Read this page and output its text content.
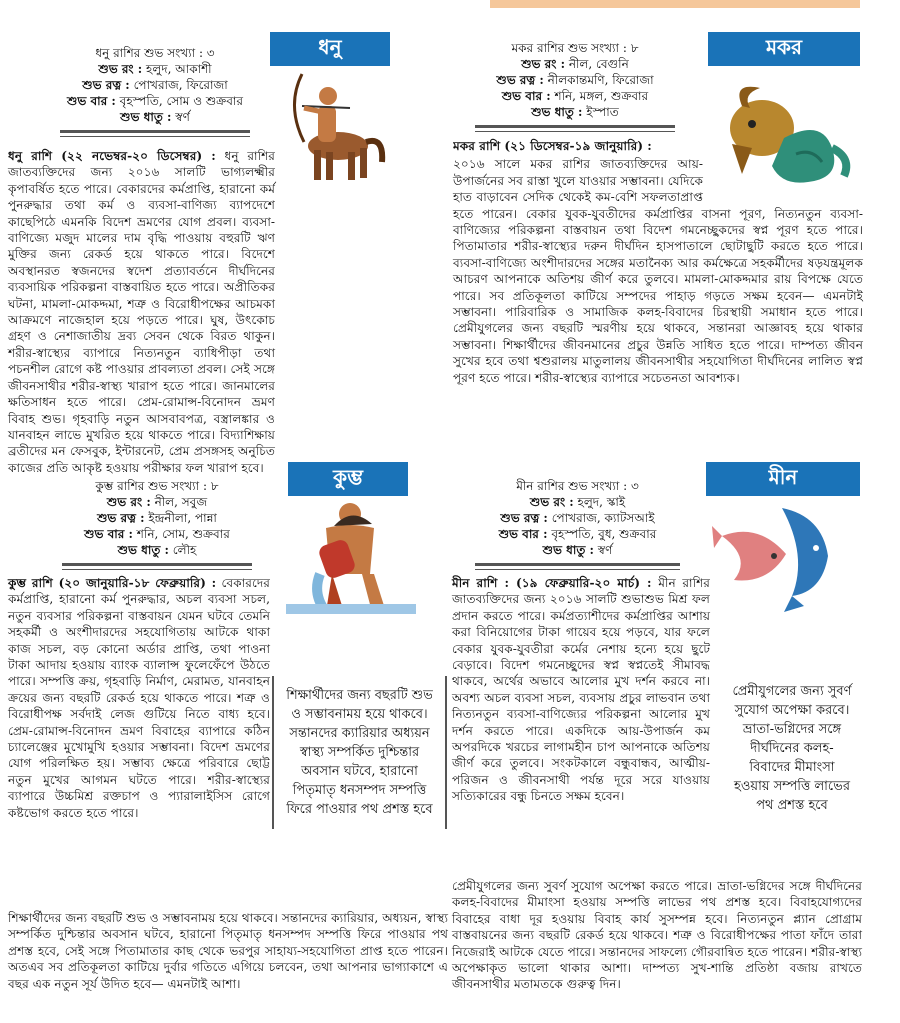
ধনু রাশির শুভ সংখ্যা : ৩
শুভ রং : হলুদ, আকাশী
শুভ রত্ন : পোখরাজ, ফিরোজা
শুভ বার : বৃহস্পতি, সোম ও শুক্রবার
শুভ ধাতু : স্বর্ণ
ধনু
ধনু রাশি (২২ নভেম্বর-২০ ডিসেম্বর) : ধনু রাশির জাতব্যক্তিদের জন্য ২০১৬ সালটি ভাগ্যলক্ষ্মীর কৃপাবর্ষিত হতে পারে। বেকারদের কর্মপ্রাপ্তি, হারানো কর্ম পুনরুদ্ধার তথা কর্ম ও ব্যবসা-বাণিজ্য ব্যাপদেশে কাছেপিঠে এমনকি বিদেশ ভ্রমণের যোগ প্রবল। ব্যবসা-বাণিজ্যে মজুদ মালের দাম বৃদ্ধি পাওয়ায় বহুরটি ঋণ মুক্তির জন্য রেকর্ড হয়ে থাকতে পারে। বিদেশে অবস্থানরত স্বজনদের স্বদেশ প্রত্যাবর্তনে দীর্ঘদিনের ব্যবসায়িক পরিকল্পনা বাস্তবায়িত হতে পারে। অপ্রীতিকর ঘটনা, মামলা-মোকদ্দমা, শত্রু ও বিরোধীপক্ষের আচমকা আক্রমণে নাজেহাল হয়ে পড়তে পারে। ঘুষ, উৎকোচ গ্রহণ ও নেশাজাতীয় দ্রব্য সেবন থেকে বিরত থাকুন। শরীর-স্বাস্থ্যের ব্যাপারে নিত্যনতুন ব্যাধিপীড়া তথা পচনশীল রোগে কষ্ট পাওয়ার প্রাবল্যতা প্রবল। সেই সঙ্গে জীবনসাথীর শরীর-স্বাস্থ্য খারাপ হতে পারে। জানমালের ক্ষতিসাধন হতে পারে। প্রেম-রোমান্স-বিনোদন ভ্রমণ বিবাহ শুভ। গৃহবাড়ি নতুন আসবাবপত্র, বস্ত্রালঙ্কার ও যানবাহন লাভে মুখরিত হয়ে থাকতে পারে। বিদ্যাশিক্ষায় ব্রতীদের মন ফেসবুক, ইন্টারনেট, প্রেম প্রসঙ্গসহ অনুচিত কাজের প্রতি আকৃষ্ট হওয়ায় পরীক্ষার ফল খারাপ হবে।
মকর রাশির শুভ সংখ্যা : ৮
শুভ রং : নীল, বেগুনি
শুভ রত্ন : নীলকান্তমণি, ফিরোজা
শুভ বার : শনি, মঙ্গল, শুক্রবার
শুভ ধাতু : ইস্পাত
মকর
মকর রাশি (২১ ডিসেম্বর-১৯ জানুয়ারি) :
২০১৬ সালে মকর রাশির জাতব্যক্তিদের আয়-উপার্জনের সব রাস্তা খুলে যাওয়ার সম্ভাবনা। যেদিকে হাত বাড়াবেন সেদিক থেকেই কম-বেশি সফলতাপ্রাপ্ত হতে পারেন। বেকার যুবক-যুবতীদের কর্মপ্রাপ্তির বাসনা পূরণ, নিত্যনতুন ব্যবসা-বাণিজ্যের পরিকল্পনা বাস্তবায়ন তথা বিদেশ গমনেচ্ছুকদের স্বপ্ন পূরণ হতে পারে। পিতামাতার শরীর-স্বাস্থ্যের দরুন দীর্ঘদিন হাসপাতালে ছোটাছুটি করতে হতে পারে। ব্যবসা-বাণিজ্যে অংশীদারদের সঙ্গের মতানৈক্য আর কর্মক্ষেত্রে সহকর্মীদের ষড়যন্ত্রমূলক আচরণ আপনাকে অতিশয় জীর্ণ করে তুলবে। মামলা-মোকদ্দমার রায় বিপক্ষে যেতে পারে। সব প্রতিকূলতা কাটিয়ে সম্পদের পাহাড় গড়তে সক্ষম হবেন— এমনটাই সম্ভাবনা। পারিবারিক ও সামাজিক কলহ-বিবাদের চিরস্থায়ী সমাধান হতে পারে। প্রেমীযুগলের জন্য বছরটি স্মরণীয় হয়ে থাকবে, সন্তানরা আজ্ঞাবহ হয়ে থাকার সম্ভাবনা। শিক্ষার্থীদের জীবনমানের প্রচুর উন্নতি সাধিত হতে পারে। দাম্পত্য জীবন সুখের হবে তথা শ্বশুরালয় মাতুলালয় জীবনসাথীর সহযোগিতা দীর্ঘদিনের লালিত স্বপ্ন পূরণ হতে পারে। শরীর-স্বাস্থ্যের ব্যাপারে সচেতনতা আবশ্যক।
কুম্ভ রাশির শুভ সংখ্যা : ৮
শুভ রং : নীল, সবুজ
শুভ রত্ন : ইন্দ্রনীলা, পান্না
শুভ বার : শনি, সোম, শুক্রবার
শুভ ধাতু : লৌহ
কুম্ভ
কুম্ভ রাশি (২০ জানুয়ারি-১৮ ফেব্রুয়ারি) : বেকারদের কর্মপ্রাপ্তি, হারানো কর্ম পুনরুদ্ধার, অচল ব্যবসা সচল, নতুন ব্যবসার পরিকল্পনা বাস্তবায়ন যেমন ঘটবে তেমনি সহকর্মী ও অংশীদারদের সহযোগিতায় আটকে থাকা কাজ সচল, বড় কোনো অর্ডার প্রাপ্তি, তথা পাওনা টাকা আদায় হওয়ায় ব্যাংক ব্যালান্স ফুলেফেঁপে উঠতে পারে। সম্পত্তি ক্রয়, গৃহবাড়ি নির্মাণ, মেরামত, যানবাহন ক্রয়ের জন্য বছরটি রেকর্ড হয়ে থাকতে পারে। শত্রু ও বিরোধীপক্ষ সর্বদাই লেজ গুটিয়ে নিতে বাধ্য হবে। প্রেম-রোমান্স-বিনোদন ভ্রমণ বিবাহের ব্যাপারে কঠিন চ্যালেঞ্জের মুখোমুখি হওয়ার সম্ভাবনা। বিদেশ ভ্রমণের যোগ পরিলক্ষিত হয়। সম্ভাব্য ক্ষেত্রে পরিবারে ছোট্ট নতুন মুখের আগমন ঘটতে পারে। শরীর-স্বাস্থ্যের ব্যাপারে উচ্চমিশ্র রক্তচাপ ও প্যারালাইসিস রোগে কষ্টভোগ করতে হতে পারে।
শিক্ষার্থীদের জন্য বছরটি শুভ ও সম্ভাবনাময় হয়ে থাকবে। সন্তানদের ক্যারিয়ার, অধ্যয়ন, স্বাস্থ্য সম্পর্কিত দুশ্চিন্তার অবসান ঘটবে, হারানো পিতৃমাতৃ ধনসম্পদ সম্পত্তি ফিরে পাওয়ার পথ প্রশস্ত হবে, সেই সঙ্গে পিতামাতার কাছ থেকে ভরপুর সাহায্য-সহযোগিতা প্রাপ্ত হতে পারেন। অতএব সব প্রতিকূলতা কাটিয়ে দুর্বার গতিতে এগিয়ে চলবেন, তথা আপনার ভাগ্যাকাশে এ বছর এক নতুন সূর্য উদিত হবে— এমনটাই আশা।
শিক্ষার্থীদের জন্য বছরটি শুভ ও সম্ভাবনাময় হয়ে থাকবে। সন্তানদের ক্যারিয়ার অধ্যয়ন স্বাস্থ্য সম্পর্কিত দুশ্চিন্তার অবসান ঘটবে, হারানো পিতৃমাতৃ ধনসম্পদ সম্পত্তি ফিরে পাওয়ার পথ প্রশস্ত হবে
মীন রাশির শুভ সংখ্যা : ৩
শুভ রং : হলুদ, স্কাই
শুভ রত্ন : পোখরাজ, ক্যাটসআই
শুভ বার : বৃহস্পতি, বুধ, শুক্রবার
শুভ ধাতু : স্বর্ণ
মীন
মীন রাশি : (১৯ ফেব্রুয়ারি-২০ মার্চ) : মীন রাশির জাতব্যক্তিদের জন্য ২০১৬ সালটি শুভাশুভ মিশ্র ফল প্রদান করতে পারে। কর্মপ্রত্যাশীদের কর্মপ্রাপ্তির আশায় করা বিনিয়োগের টাকা গায়েব হয়ে পড়বে, যার ফলে বেকার যুবক-যুবতীরা কর্মের নেশায় হন্যে হয়ে ছুটে বেড়াবে। বিদেশ গমনেচ্ছুদের স্বপ্ন স্বপ্নতেই সীমাবদ্ধ থাকবে, অর্থের অভাবে আলোর মুখ দর্শন করবে না। অবশ্য অচল ব্যবসা সচল, ব্যবসায় প্রচুর লাভবান তথা নিত্যনতুন ব্যবসা-বাণিজ্যের পরিকল্পনা আলোর মুখ দর্শন করতে পারে। একদিকে আয়-উপার্জন কম অপরদিকে খরচের লাগামহীন চাপ আপনাকে অতিশয় জীর্ণ করে তুলবে। সংকটকালে বন্ধুবান্ধব, আত্মীয়-পরিজন ও জীবনসাথী পর্যন্ত দূরে সরে যাওয়ায় সত্যিকারের বন্ধু চিনতে সক্ষম হবেন।
প্রেমীযুগলের জন্য সুবর্ণ সুযোগ অপেক্ষা করতে পারে। ভ্রাতা-ভগ্নিদের সঙ্গে দীর্ঘদিনের কলহ-বিবাদের মীমাংসা হওয়ায় সম্পত্তি লাভের পথ প্রশস্ত হবে। বিবাহযোগ্যদের বিবাহের বাধা দূর হওয়ায় বিবাহ কার্য সুসম্পন্ন হবে। নিত্যনতুন প্ল্যান প্রোগ্রাম বাস্তবায়নের জন্য বছরটি রেকর্ড হয়ে থাকবে। শত্রু ও বিরোধীপক্ষের পাতা ফাঁদে তারা নিজেরাই আটকে যেতে পারে। সন্তানদের সাফল্যে গৌরবান্বিত হতে পারেন। শরীর-স্বাস্থ্য অপেক্ষাকৃত ভালো থাকার আশা। দাম্পত্য সুখ-শান্তি প্রতিষ্ঠা বজায় রাখতে জীবনসাথীর মতামতকে গুরুত্ব দিন।
প্রেমীযুগলের জন্য সুবর্ণ সুযোগ অপেক্ষা করবে। ভ্রাতা-ভগ্নিদের সঙ্গে দীর্ঘদিনের কলহ-বিবাদের মীমাংসা হওয়ায় সম্পত্তি লাভের পথ প্রশস্ত হবে
